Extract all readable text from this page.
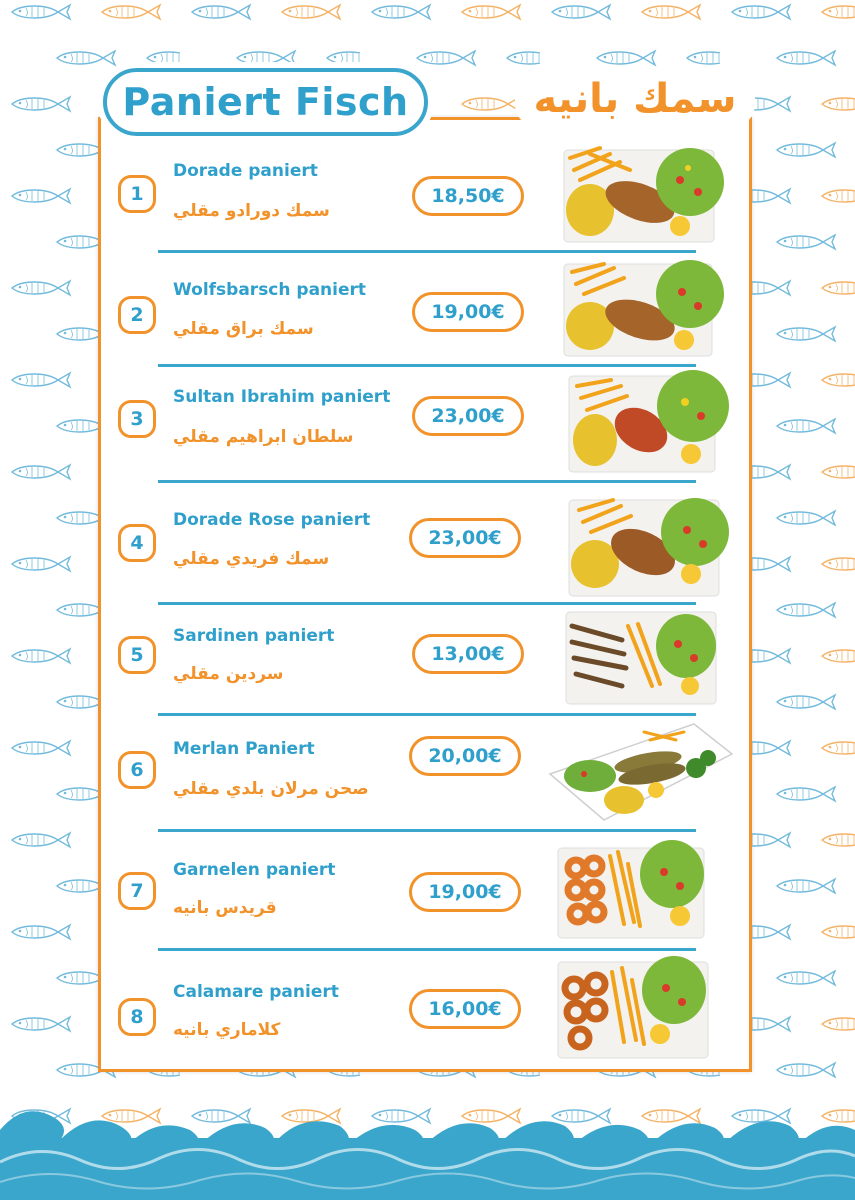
Paniert Fisch	سمك بانيه
1
Dorade paniert
سمك دورادو مقلي
18,50€
2
Wolfsbarsch paniert
سمك براق مقلي
19,00€
3
Sultan Ibrahim paniert
سلطان ابراهيم مقلي
23,00€
4
Dorade Rose paniert
سمك فريدي مقلي
23,00€
5
Sardinen paniert
سردين مقلي
13,00€
6
Merlan Paniert
صحن مرلان بلدي مقلي
20,00€
7
Garnelen paniert
قريدس بانيه
19,00€
8
Calamare paniert
كلاماري بانيه
16,00€
